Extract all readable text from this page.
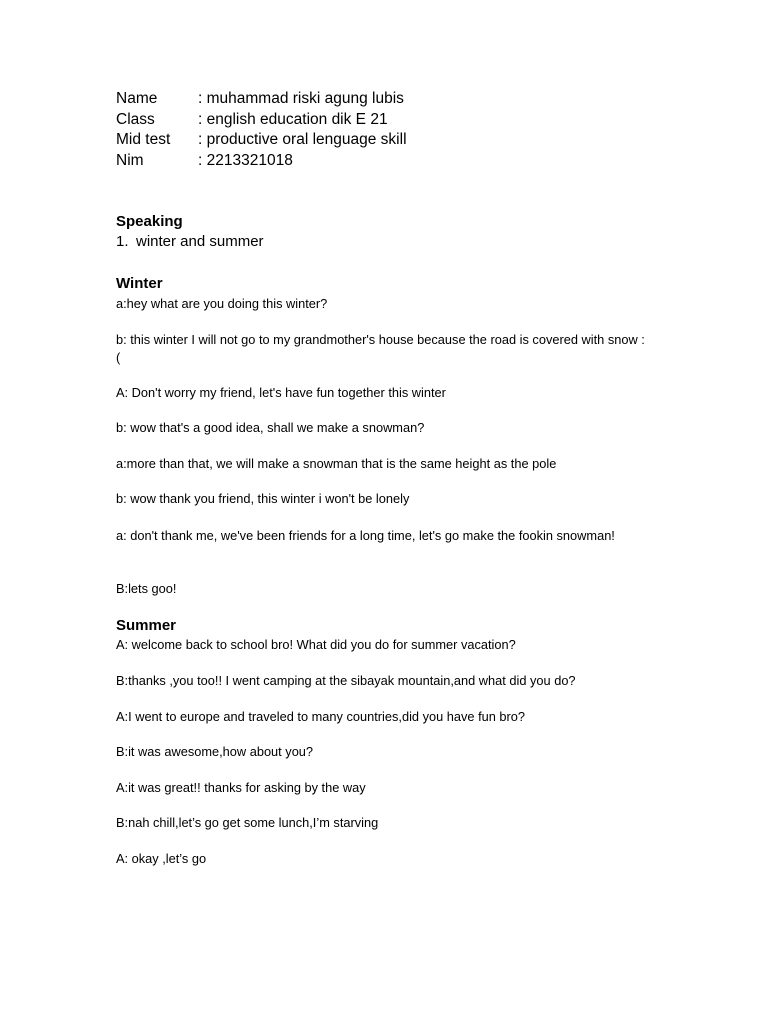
Name	: muhammad riski agung lubis
Class	: english education dik E 21
Mid test	: productive oral lenguage skill
Nim	: 2213321018
Speaking
1. winter and summer
Winter
a:hey what are you doing this winter?
b: this winter I will not go to my grandmother's house because the road is covered with snow :(
A: Don't worry my friend, let's have fun together this winter
b: wow that's a good idea, shall we make a snowman?
a:more than that, we will make a snowman that is the same height as the pole
b: wow thank you friend, this winter i won't be lonely
a: don't thank me, we've been friends for a long time, let's go make the fookin snowman!
B:lets goo!
Summer
A: welcome back to school bro! What did you do for summer vacation?
B:thanks ,you too!! I went camping at the sibayak mountain,and what did you do?
A:I went to europe and traveled to many countries,did you have fun bro?
B:it was awesome,how about you?
A:it was great!! thanks for asking by the way
B:nah chill,let’s go get some lunch,I’m starving
A: okay ,let’s go
